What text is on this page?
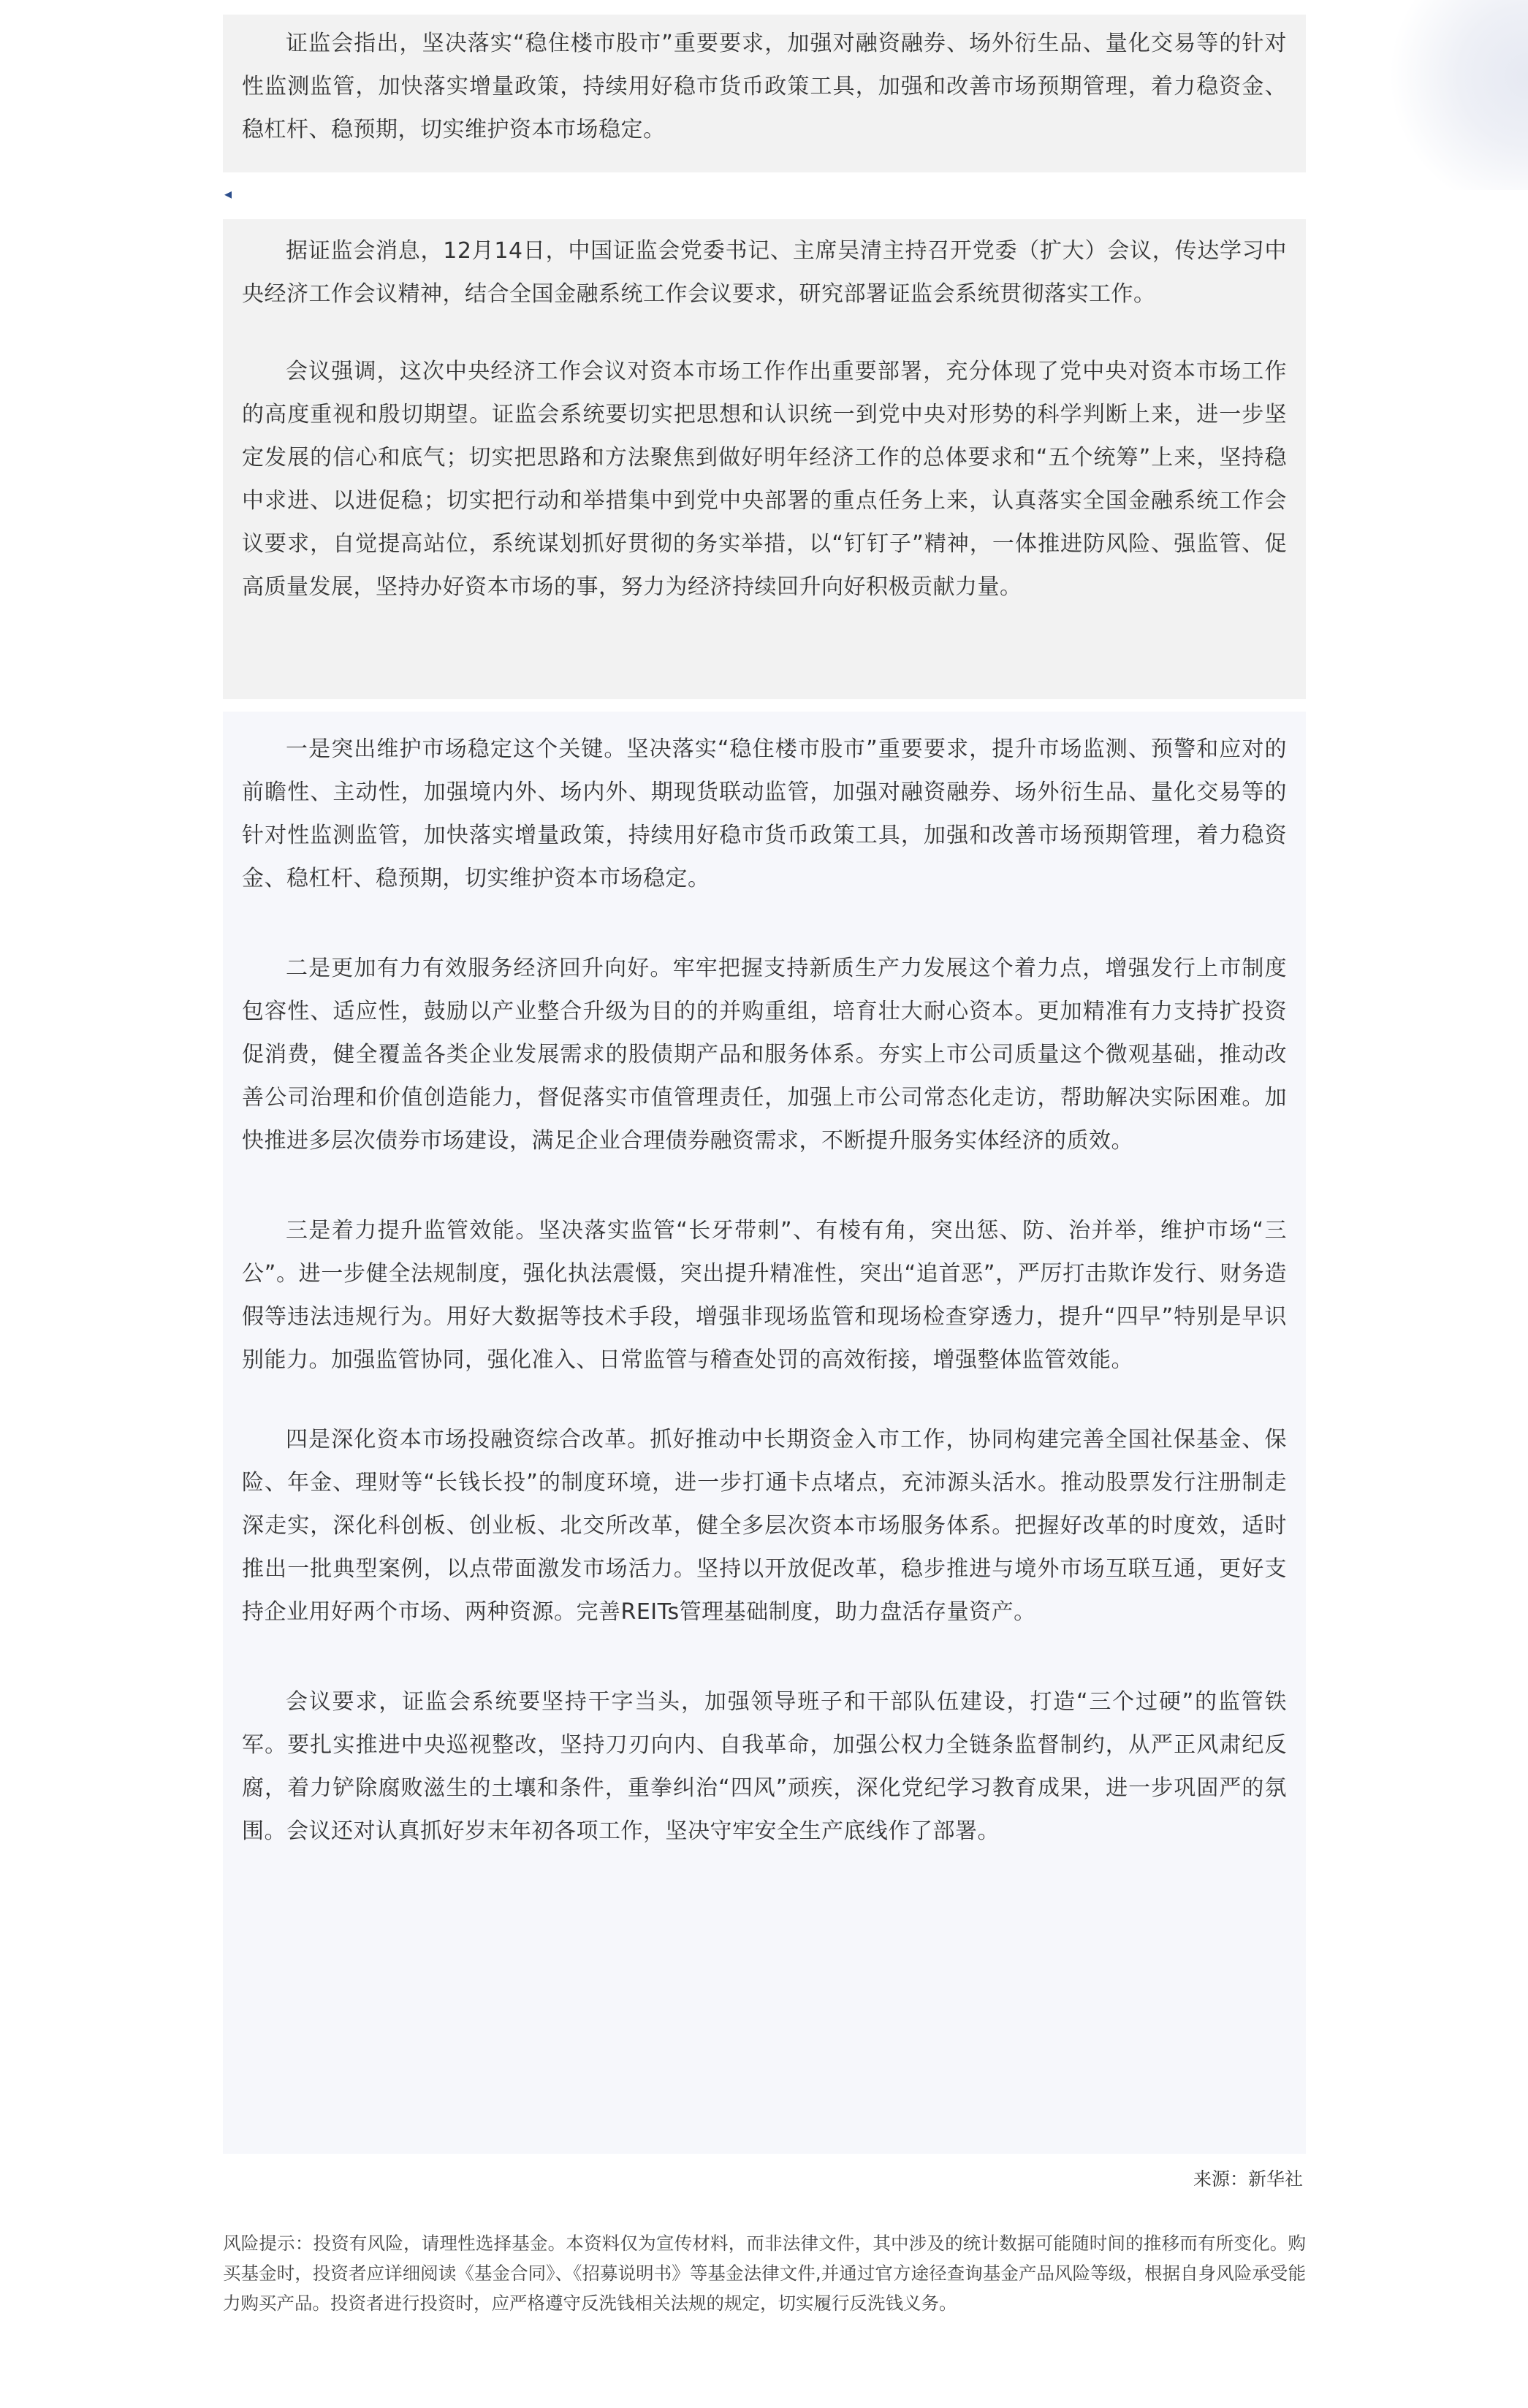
证监会指出，坚决落实“稳住楼市股市”重要要求，加强对融资融券、场外衍生品、量化交易等的针对性监测监管，加快落实增量政策，持续用好稳市货币政策工具，加强和改善市场预期管理，着力稳资金、稳杠杆、稳预期，切实维护资本市场稳定。

◂

据证监会消息，12月14日，中国证监会党委书记、主席吴清主持召开党委（扩大）会议，传达学习中央经济工作会议精神，结合全国金融系统工作会议要求，研究部署证监会系统贯彻落实工作。

会议强调，这次中央经济工作会议对资本市场工作作出重要部署，充分体现了党中央对资本市场工作的高度重视和殷切期望。证监会系统要切实把思想和认识统一到党中央对形势的科学判断上来，进一步坚定发展的信心和底气；切实把思路和方法聚焦到做好明年经济工作的总体要求和“五个统筹”上来，坚持稳中求进、以进促稳；切实把行动和举措集中到党中央部署的重点任务上来，认真落实全国金融系统工作会议要求，自觉提高站位，系统谋划抓好贯彻的务实举措，以“钉钉子”精神，一体推进防风险、强监管、促高质量发展，坚持办好资本市场的事，努力为经济持续回升向好积极贡献力量。

一是突出维护市场稳定这个关键。坚决落实“稳住楼市股市”重要要求，提升市场监测、预警和应对的前瞻性、主动性，加强境内外、场内外、期现货联动监管，加强对融资融券、场外衍生品、量化交易等的针对性监测监管，加快落实增量政策，持续用好稳市货币政策工具，加强和改善市场预期管理，着力稳资金、稳杠杆、稳预期，切实维护资本市场稳定。

二是更加有力有效服务经济回升向好。牢牢把握支持新质生产力发展这个着力点，增强发行上市制度包容性、适应性，鼓励以产业整合升级为目的的并购重组，培育壮大耐心资本。更加精准有力支持扩投资促消费，健全覆盖各类企业发展需求的股债期产品和服务体系。夯实上市公司质量这个微观基础，推动改善公司治理和价值创造能力，督促落实市值管理责任，加强上市公司常态化走访，帮助解决实际困难。加快推进多层次债券市场建设，满足企业合理债券融资需求，不断提升服务实体经济的质效。

三是着力提升监管效能。坚决落实监管“长牙带刺”、有棱有角，突出惩、防、治并举，维护市场“三公”。进一步健全法规制度，强化执法震慑，突出提升精准性，突出“追首恶”，严厉打击欺诈发行、财务造假等违法违规行为。用好大数据等技术手段，增强非现场监管和现场检查穿透力，提升“四早”特别是早识别能力。加强监管协同，强化准入、日常监管与稽查处罚的高效衔接，增强整体监管效能。

四是深化资本市场投融资综合改革。抓好推动中长期资金入市工作，协同构建完善全国社保基金、保险、年金、理财等“长钱长投”的制度环境，进一步打通卡点堵点，充沛源头活水。推动股票发行注册制走深走实，深化科创板、创业板、北交所改革，健全多层次资本市场服务体系。把握好改革的时度效，适时推出一批典型案例，以点带面激发市场活力。坚持以开放促改革，稳步推进与境外市场互联互通，更好支持企业用好两个市场、两种资源。完善REITs管理基础制度，助力盘活存量资产。

会议要求，证监会系统要坚持干字当头，加强领导班子和干部队伍建设，打造“三个过硬”的监管铁军。要扎实推进中央巡视整改，坚持刀刃向内、自我革命，加强公权力全链条监督制约，从严正风肃纪反腐，着力铲除腐败滋生的土壤和条件，重拳纠治“四风”顽疾，深化党纪学习教育成果，进一步巩固严的氛围。会议还对认真抓好岁末年初各项工作，坚决守牢安全生产底线作了部署。

来源：新华社

风险提示：投资有风险，请理性选择基金。本资料仅为宣传材料，而非法律文件，其中涉及的统计数据可能随时间的推移而有所变化。购买基金时，投资者应详细阅读《基金合同》、《招募说明书》等基金法律文件,并通过官方途径查询基金产品风险等级，根据自身风险承受能力购买产品。投资者进行投资时，应严格遵守反洗钱相关法规的规定，切实履行反洗钱义务。
